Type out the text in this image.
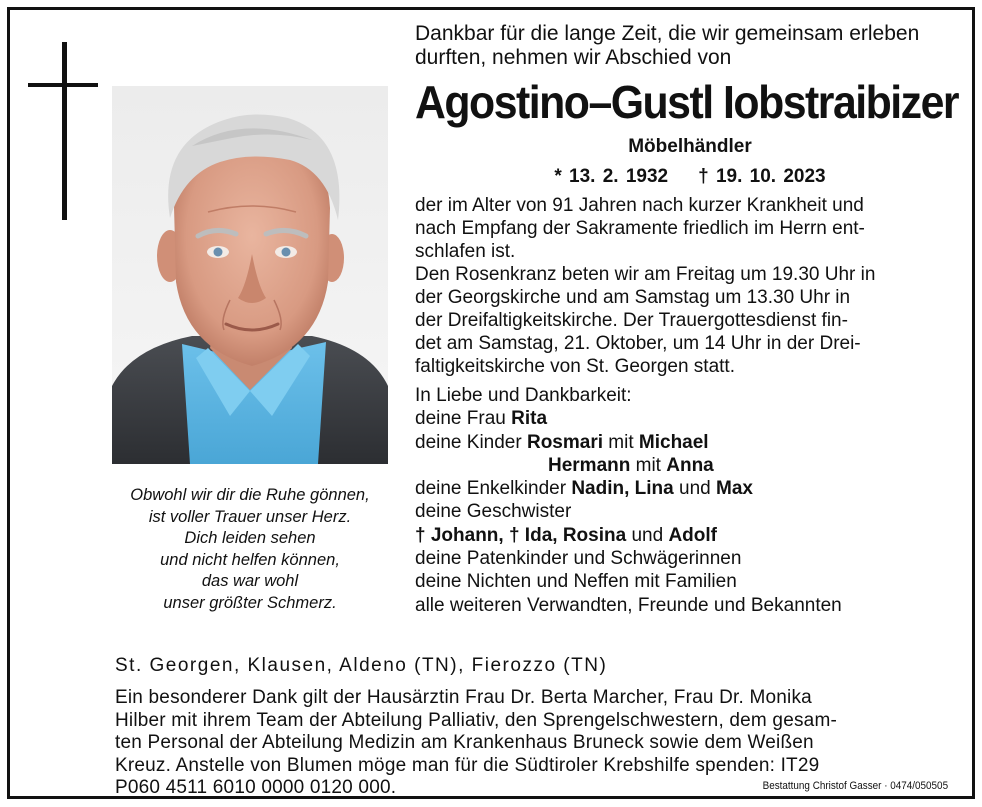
Obwohl wir dir die Ruhe gönnen,
ist voller Trauer unser Herz.
Dich leiden sehen
und nicht helfen können,
das war wohl
unser größter Schmerz.
Dankbar für die lange Zeit, die wir gemeinsam erleben
durften, nehmen wir Abschied von
Agostino–Gustl Iobstraibizer
Möbelhändler
* 13. 2. 1932 † 19. 10. 2023
der im Alter von 91 Jahren nach kurzer Krankheit und
nach Empfang der Sakramente friedlich im Herrn ent-
schlafen ist.
Den Rosenkranz beten wir am Freitag um 19.30 Uhr in
der Georgskirche und am Samstag um 13.30 Uhr in
der Dreifaltigkeitskirche. Der Trauergottesdienst fin-
det am Samstag, 21. Oktober, um 14 Uhr in der Drei-
faltigkeitskirche von St. Georgen statt.
In Liebe und Dankbarkeit:
deine Frau Rita
deine Kinder Rosmari mit Michael
Hermann mit Anna
deine Enkelkinder Nadin, Lina und Max
deine Geschwister
† Johann, † Ida, Rosina und Adolf
deine Patenkinder und Schwägerinnen
deine Nichten und Neffen mit Familien
alle weiteren Verwandten, Freunde und Bekannten
St. Georgen, Klausen, Aldeno (TN), Fierozzo (TN)
Ein besonderer Dank gilt der Hausärztin Frau Dr. Berta Marcher, Frau Dr. Monika
Hilber mit ihrem Team der Abteilung Palliativ, den Sprengelschwestern, dem gesam-
ten Personal der Abteilung Medizin am Krankenhaus Bruneck sowie dem Weißen
Kreuz. Anstelle von Blumen möge man für die Südtiroler Krebshilfe spenden: IT29
P060 4511 6010 0000 0120 000.	Bestattung Christof Gasser · 0474/050505
